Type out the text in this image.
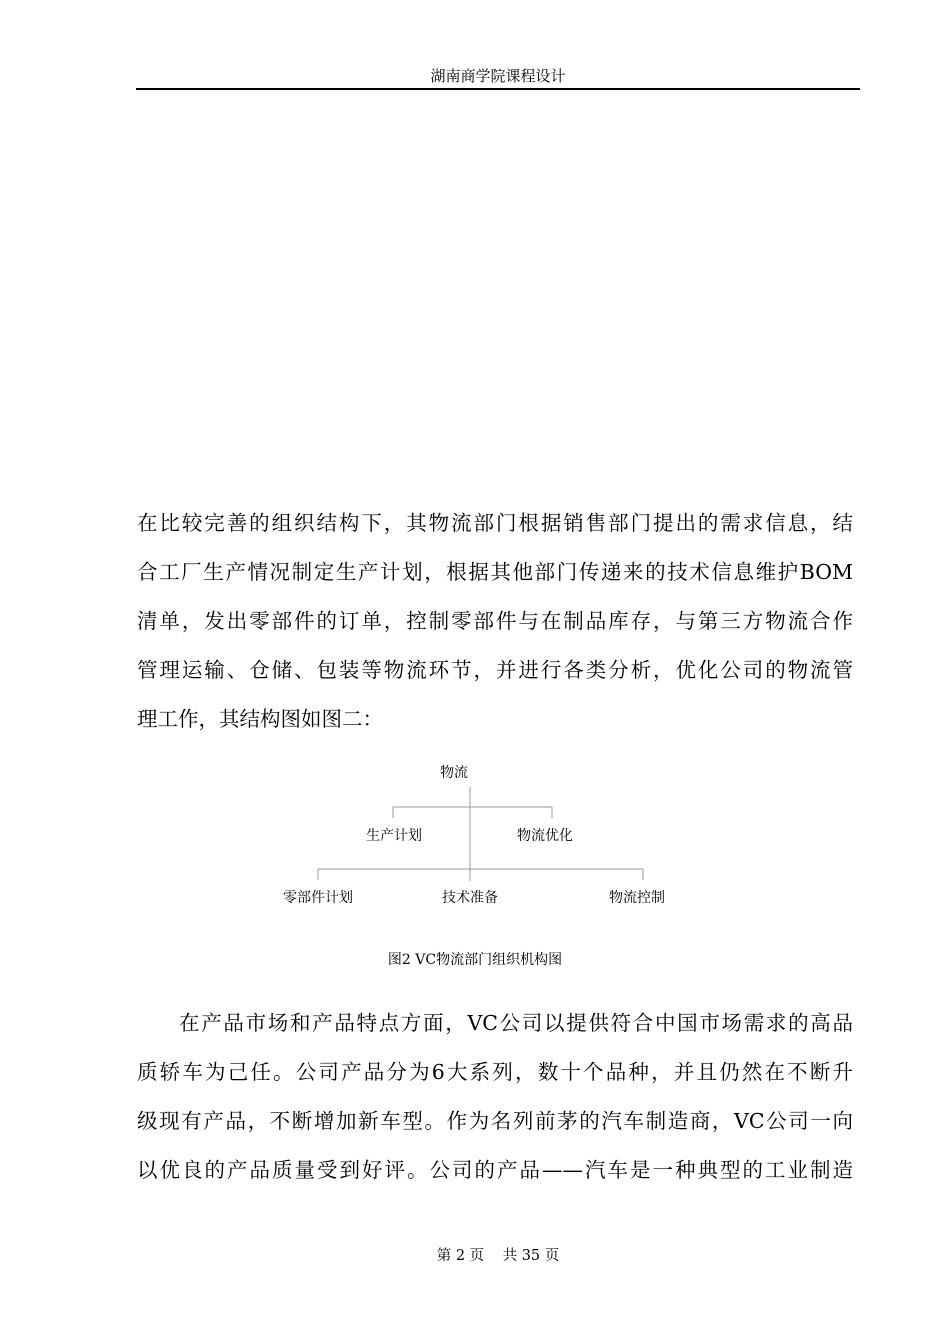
湖南商学院课程设计
在比较完善的组织结构下，其物流部门根据销售部门提出的需求信息，结
合工厂生产情况制定生产计划，根据其他部门传递来的技术信息维护BOM
清单，发出零部件的订单，控制零部件与在制品库存，与第三方物流合作
管理运输、仓储、包装等物流环节，并进行各类分析，优化公司的物流管
理工作，其结构图如图二：
物流
生产计划	物流优化
零部件计划	技术准备	物流控制
图2 VC物流部门组织机构图
在产品市场和产品特点方面，VC公司以提供符合中国市场需求的高品
质轿车为己任。公司产品分为6大系列，数十个品种，并且仍然在不断升
级现有产品，不断增加新车型。作为名列前茅的汽车制造商，VC公司一向
以优良的产品质量受到好评。公司的产品——汽车是一种典型的工业制造
第 2 页    共 35 页
